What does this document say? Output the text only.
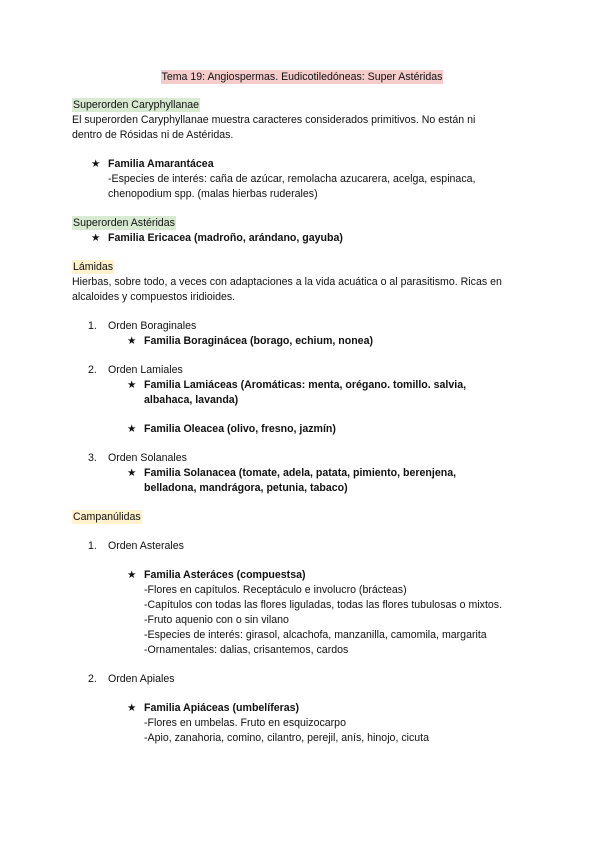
Tema 19: Angiospermas. Eudicotiledóneas: Super Astéridas
Superorden Caryphyllanae
El superorden Caryphyllanae muestra caracteres considerados primitivos. No están ni
dentro de Rósidas ni de Astéridas.
★ Familia Amarantácea
-Especies de interés: caña de azúcar, remolacha azucarera, acelga, espinaca,
chenopodium spp. (malas hierbas ruderales)
Superorden Astéridas
★ Familia Ericacea (madroño, arándano, gayuba)
Lámidas
Hierbas, sobre todo, a veces con adaptaciones a la vida acuática o al parasitismo. Ricas en
alcaloides y compuestos iridioides.
1. Orden Boraginales
★ Familia Boraginácea (borago, echium, nonea)
2. Orden Lamiales
★ Familia Lamiáceas (Aromáticas: menta, orégano. tomillo. salvia,
albahaca, lavanda)
★ Familia Oleacea (olivo, fresno, jazmín)
3. Orden Solanales
★ Familia Solanacea (tomate, adela, patata, pimiento, berenjena,
belladona, mandrágora, petunia, tabaco)
Campanúlidas
1. Orden Asterales
★ Familia Asteráces (compuestsa)
-Flores en capítulos. Receptáculo e involucro (brácteas)
-Capítulos con todas las flores liguladas, todas las flores tubulosas o mixtos.
-Fruto aquenio con o sin vilano
-Especies de interés: girasol, alcachofa, manzanilla, camomila, margarita
-Ornamentales: dalias, crisantemos, cardos
2. Orden Apiales
★ Familia Apiáceas (umbelíferas)
-Flores en umbelas. Fruto en esquizocarpo
-Apio, zanahoria, comino, cilantro, perejil, anís, hinojo, cicuta
